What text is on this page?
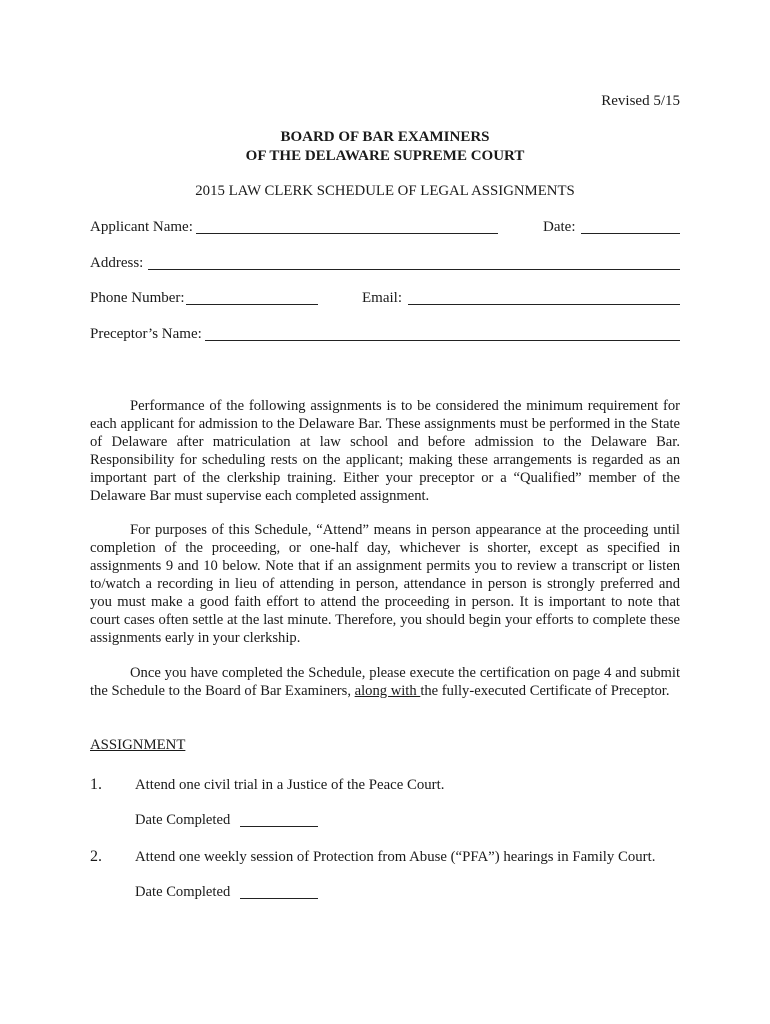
Revised 5/15
BOARD OF BAR EXAMINERS
OF THE DELAWARE SUPREME COURT
2015 LAW CLERK SCHEDULE OF LEGAL ASSIGNMENTS
Applicant Name:	Date:
Address:
Phone Number:	Email:
Preceptor’s Name:
Performance of the following assignments is to be considered the minimum requirement for each applicant for admission to the Delaware Bar. These assignments must be performed in the State of Delaware after matriculation at law school and before admission to the Delaware Bar. Responsibility for scheduling rests on the applicant; making these arrangements is regarded as an important part of the clerkship training. Either your preceptor or a “Qualified” member of the Delaware Bar must supervise each completed assignment.
For purposes of this Schedule, “Attend” means in person appearance at the proceeding until completion of the proceeding, or one-half day, whichever is shorter, except as specified in assignments 9 and 10 below. Note that if an assignment permits you to review a transcript or listen to/watch a recording in lieu of attending in person, attendance in person is strongly preferred and you must make a good faith effort to attend the proceeding in person. It is important to note that court cases often settle at the last minute. Therefore, you should begin your efforts to complete these assignments early in your clerkship.
Once you have completed the Schedule, please execute the certification on page 4 and submit the Schedule to the Board of Bar Examiners, along with the fully-executed Certificate of Preceptor.
ASSIGNMENT
1. Attend one civil trial in a Justice of the Peace Court.
Date Completed
2. Attend one weekly session of Protection from Abuse (“PFA”) hearings in Family Court.
Date Completed
